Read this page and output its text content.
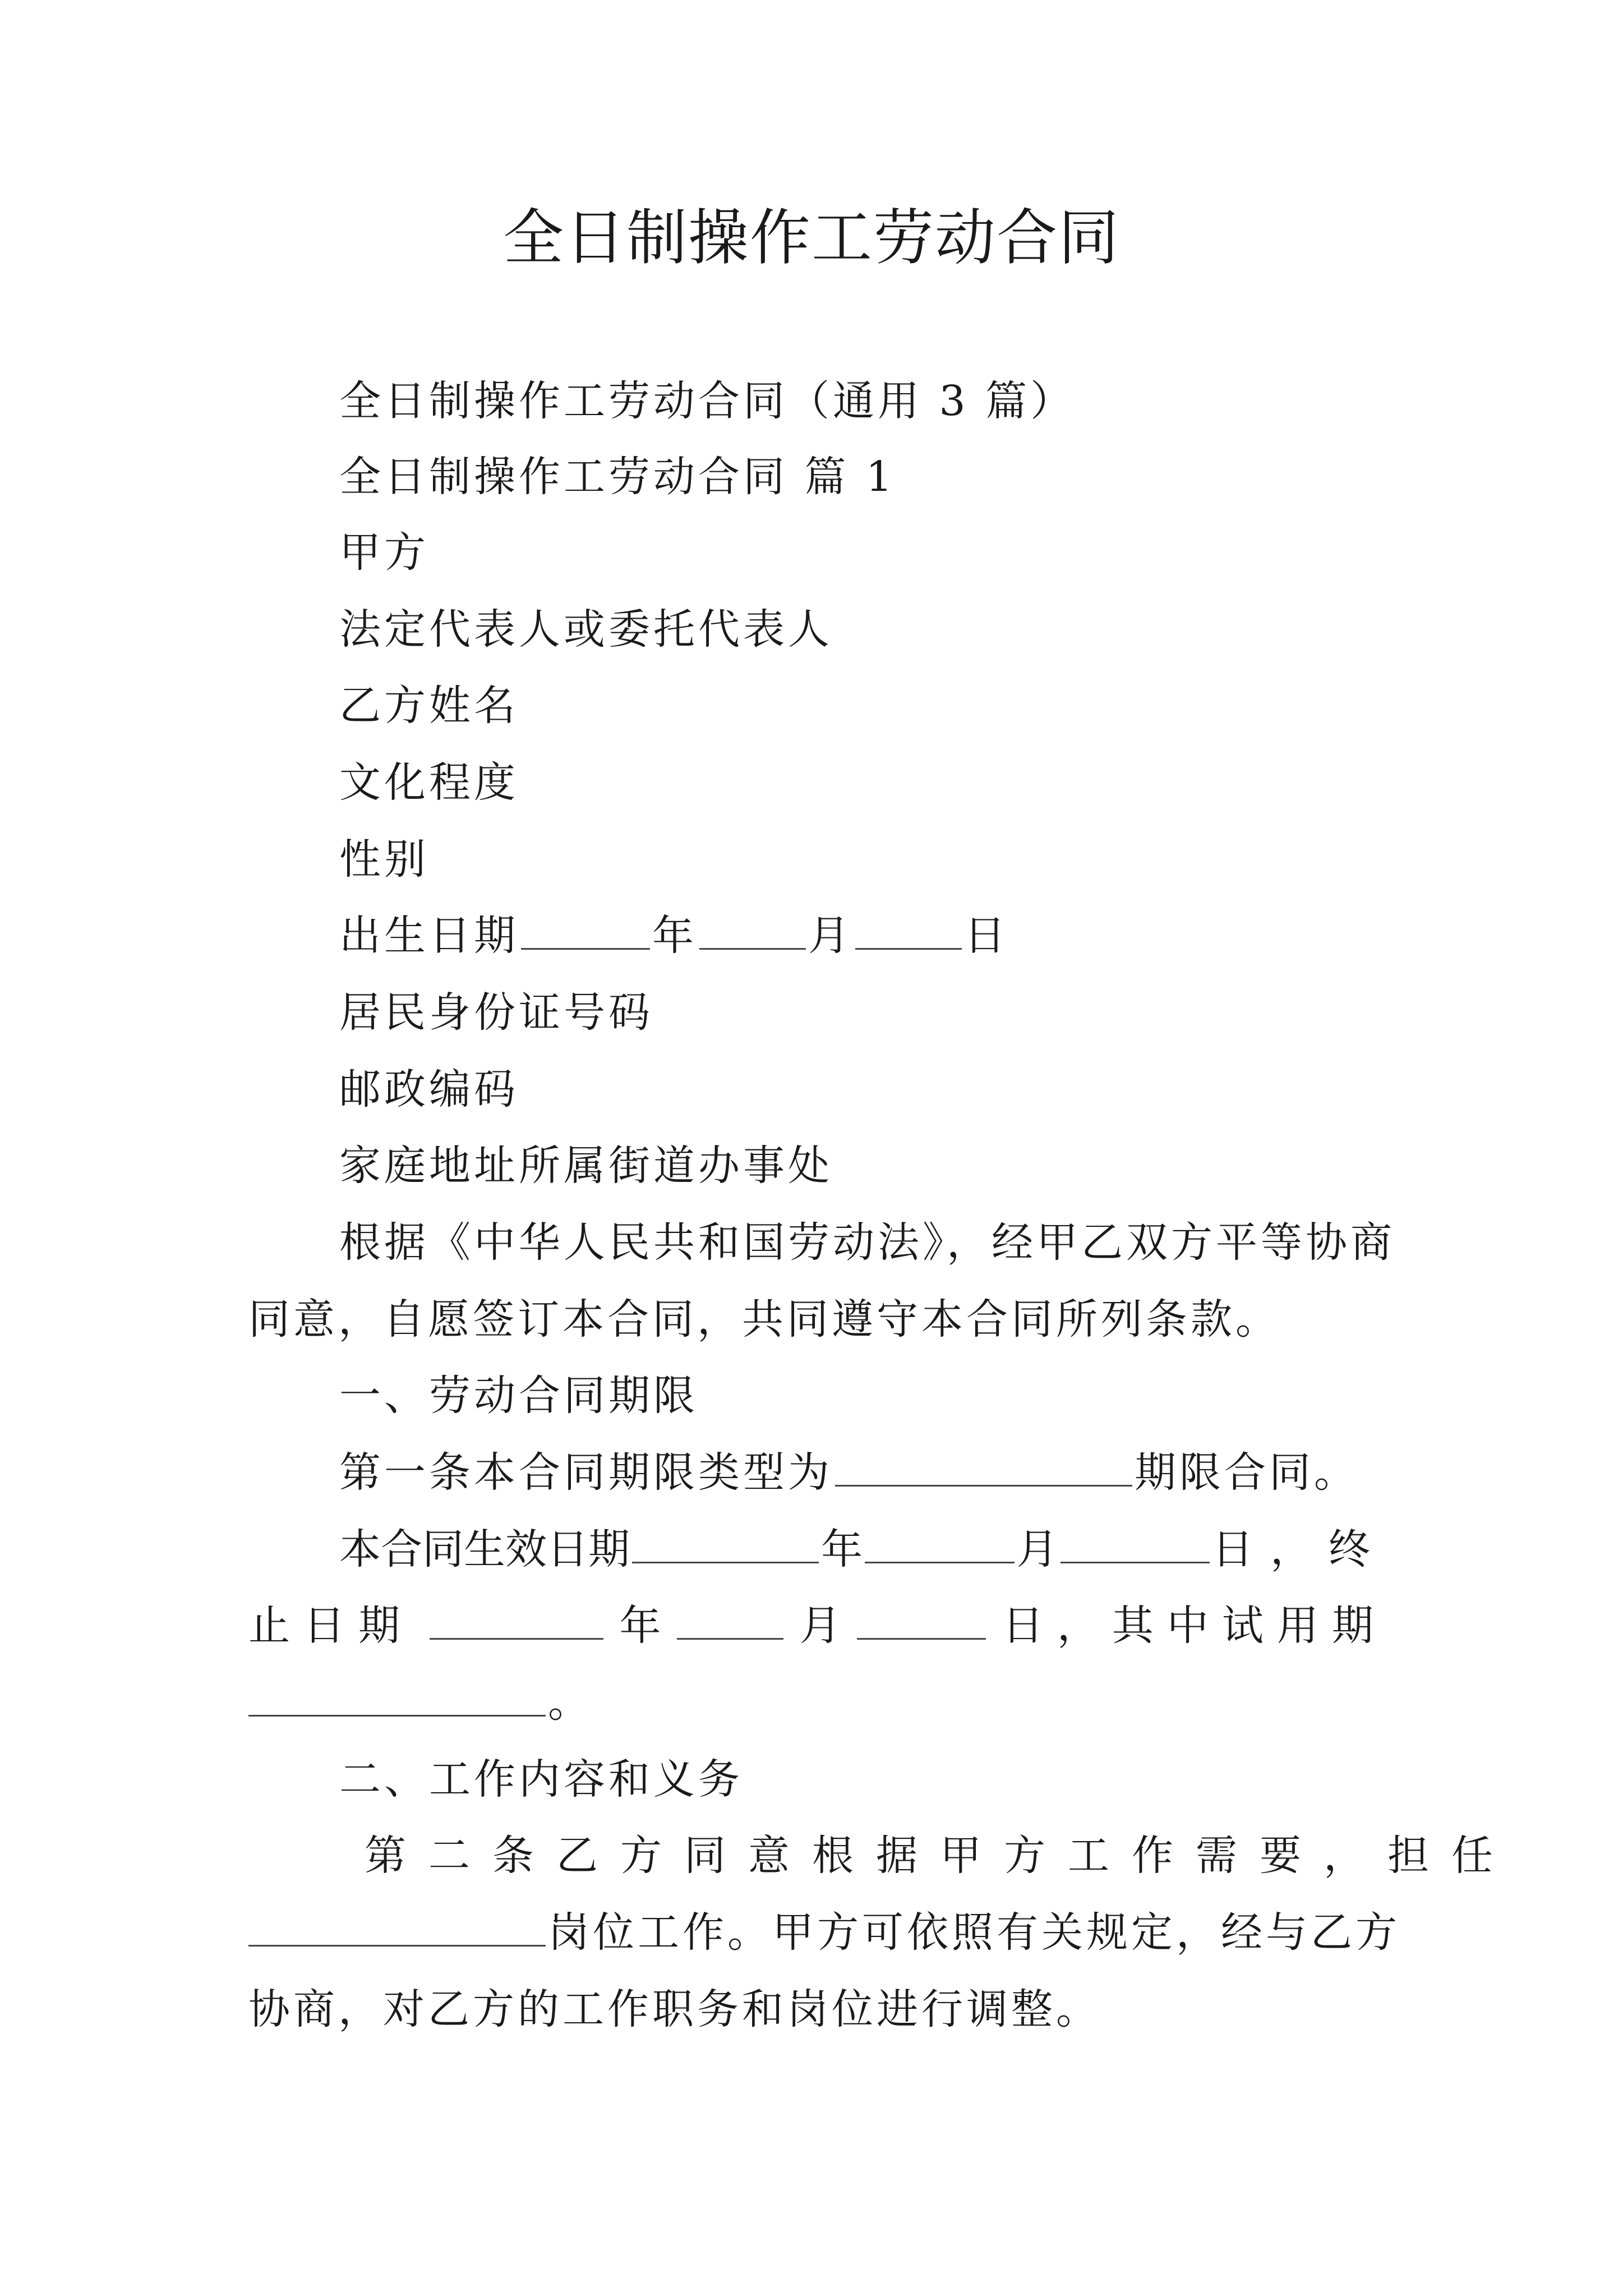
全日制操作工劳动合同
全日制操作工劳动合同（通用 3 篇）
全日制操作工劳动合同 篇 1
甲方
法定代表人或委托代表人
乙方姓名
文化程度
性别
出生日期	年	月	日
居民身份证号码
邮政编码
家庭地址所属街道办事处
根据《中华人民共和国劳动法》，经甲乙双方平等协商
同意，自愿签订本合同，共同遵守本合同所列条款。
一、劳动合同期限
第一条本合同期限类型为	期限合同。
本合同生效日期	年	月	日，终
止日期	年	月	日，其中试用期
。
二、工作内容和义务
第二条乙方同意根据甲方工作需要，担任
岗位工作。甲方可依照有关规定，经与乙方
协商，对乙方的工作职务和岗位进行调整。
